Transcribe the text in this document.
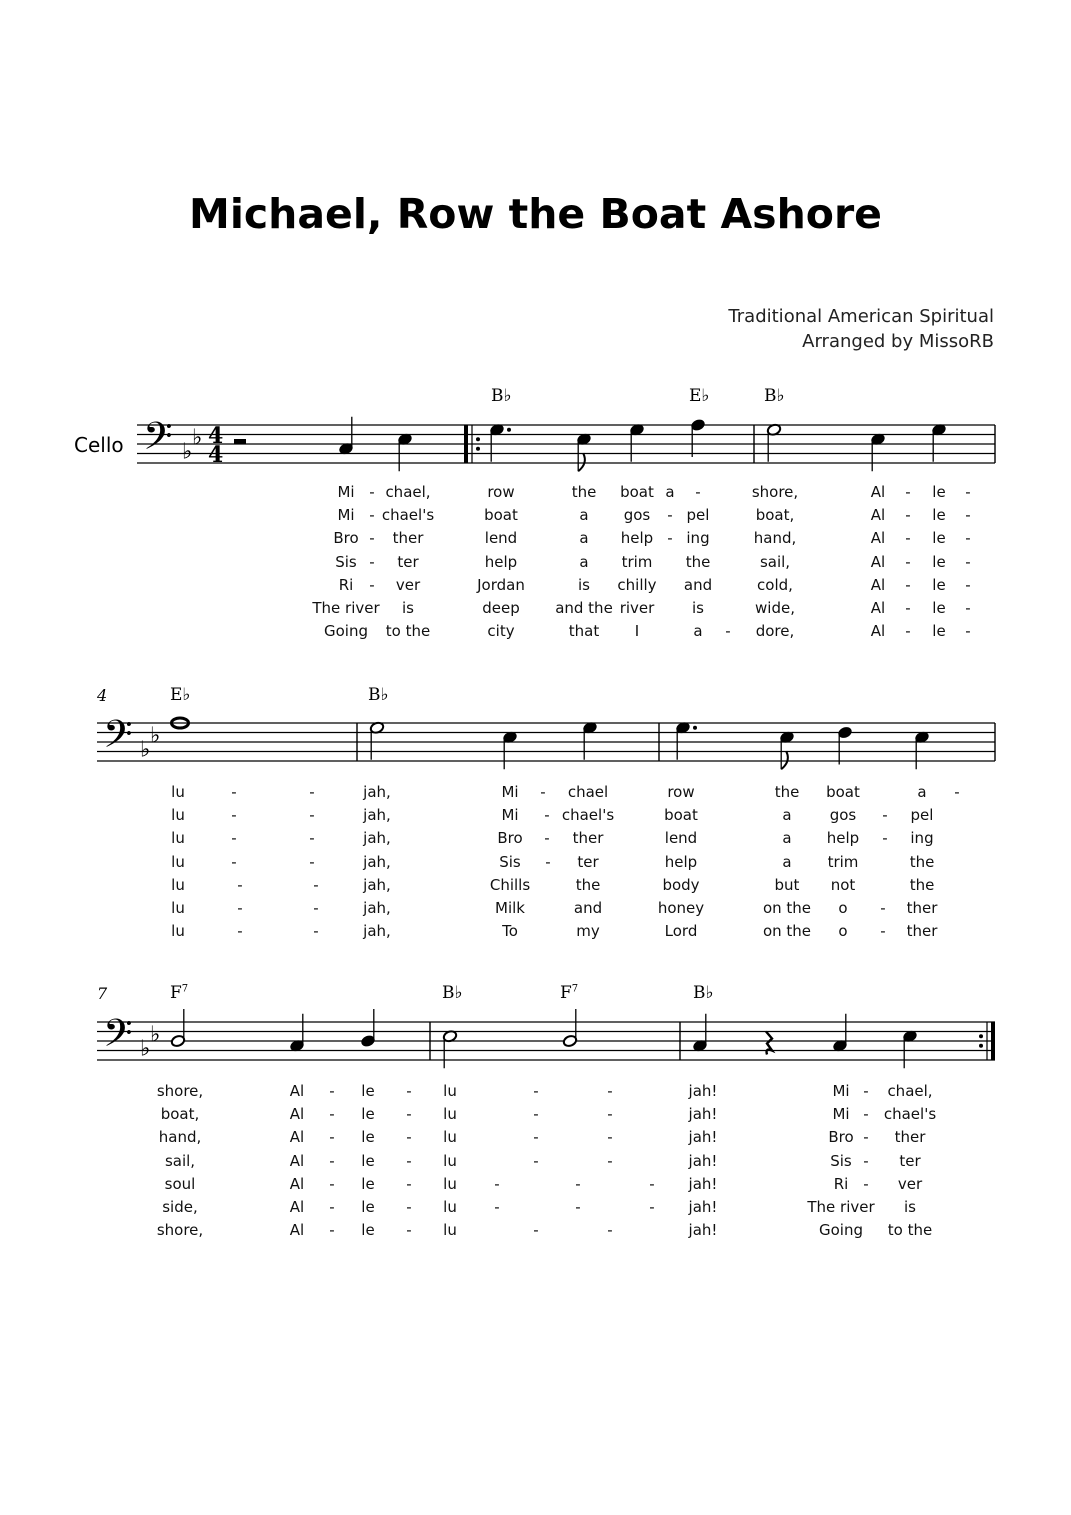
Michael, Row the Boat Ashore
Traditional American Spiritual
Arranged by MissoRB
Cello 𝄢 ♭
♭ 4
4
𝄢 ♭
♭
𝄢 ♭
♭
B♭	E♭	B♭
E♭	B♭
$F^7$	B♭	$F^7$	B♭
4
7
Mi - chael,	row	the	boat a	-	shore,	Al	-	le	-
Mi - chael's	boat	a	gos	- pel	boat,	Al	-	le	-
Bro -	ther	lend	a	help - ing	hand,	Al	-	le	-
Sis -	ter	help	a	trim	the	sail,	Al	-	le	-
Ri	-	ver	Jordan	is	chilly	and	cold,	Al	-	le	-
The river	is	deep	and the river	is	wide,	Al	-	le	-
Going	to the	city	that	I	a	-	dore,	Al	-	le	-
lu	-	-	jah,	Mi	-	chael	row	the	boat	a	-
lu	-	-	jah,	Mi	- chael's	boat	a	gos	-	pel
lu	-	-	jah,	Bro	-	ther	lend	a	help	-	ing
lu	-	-	jah,	Sis	-	ter	help	a	trim	the
lu	-	-	jah,	Chills	the	body	but	not	the
lu	-	-	jah,	Milk	and	honey	on the	o	-	ther
lu	-	-	jah,	To	my	Lord	on the	o	-	ther
shore,	Al	-	le	-	lu	-	-	jah!	Mi -	chael,
boat,	Al	-	le	-	lu	-	-	jah!	Mi -	chael's
hand,	Al	-	le	-	lu	-	-	jah!	Bro -	ther
sail,	Al	-	le	-	lu	-	-	jah!	Sis -	ter
soul	Al	-	le	-	lu	-	-	-	jah!	Ri -	ver
side,	Al	-	le	-	lu	-	-	-	jah!	The river	is
shore,	Al	-	le	-	lu	-	-	jah!	Going	to the
